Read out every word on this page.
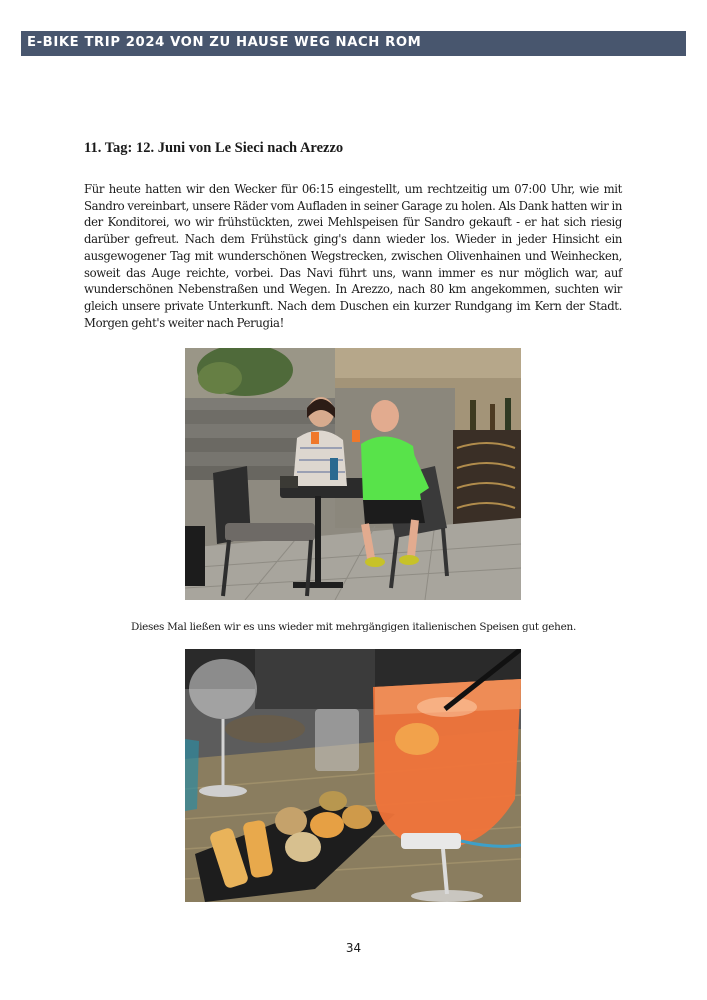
E-BIKE TRIP 2024 VON ZU HAUSE WEG NACH ROM
11. Tag: 12. Juni von Le Sieci nach Arezzo

Für heute hatten wir den Wecker für 06:15 eingestellt, um rechtzeitig um 07:00 Uhr, wie mit Sandro vereinbart, unsere Räder vom Aufladen in seiner Garage zu holen. Als Dank hatten wir in der Konditorei, wo wir frühstückten, zwei Mehlspeisen für Sandro gekauft - er hat sich riesig darüber gefreut. Nach dem Frühstück ging's dann wieder los. Wieder in jeder Hinsicht ein ausgewogener Tag mit wunderschönen Wegstrecken, zwischen Olivenhainen und Weinhecken, soweit das Auge reichte, vorbei. Das Navi führt uns, wann immer es nur möglich war, auf wunderschönen Nebenstraßen und Wegen. In Arezzo, nach 80 km angekommen, suchten wir gleich unsere private Unterkunft. Nach dem Duschen ein kurzer Rundgang im Kern der Stadt. Morgen geht's weiter nach Perugia!

Dieses Mal ließen wir es uns wieder mit mehrgängigen italienischen Speisen gut gehen.
34
